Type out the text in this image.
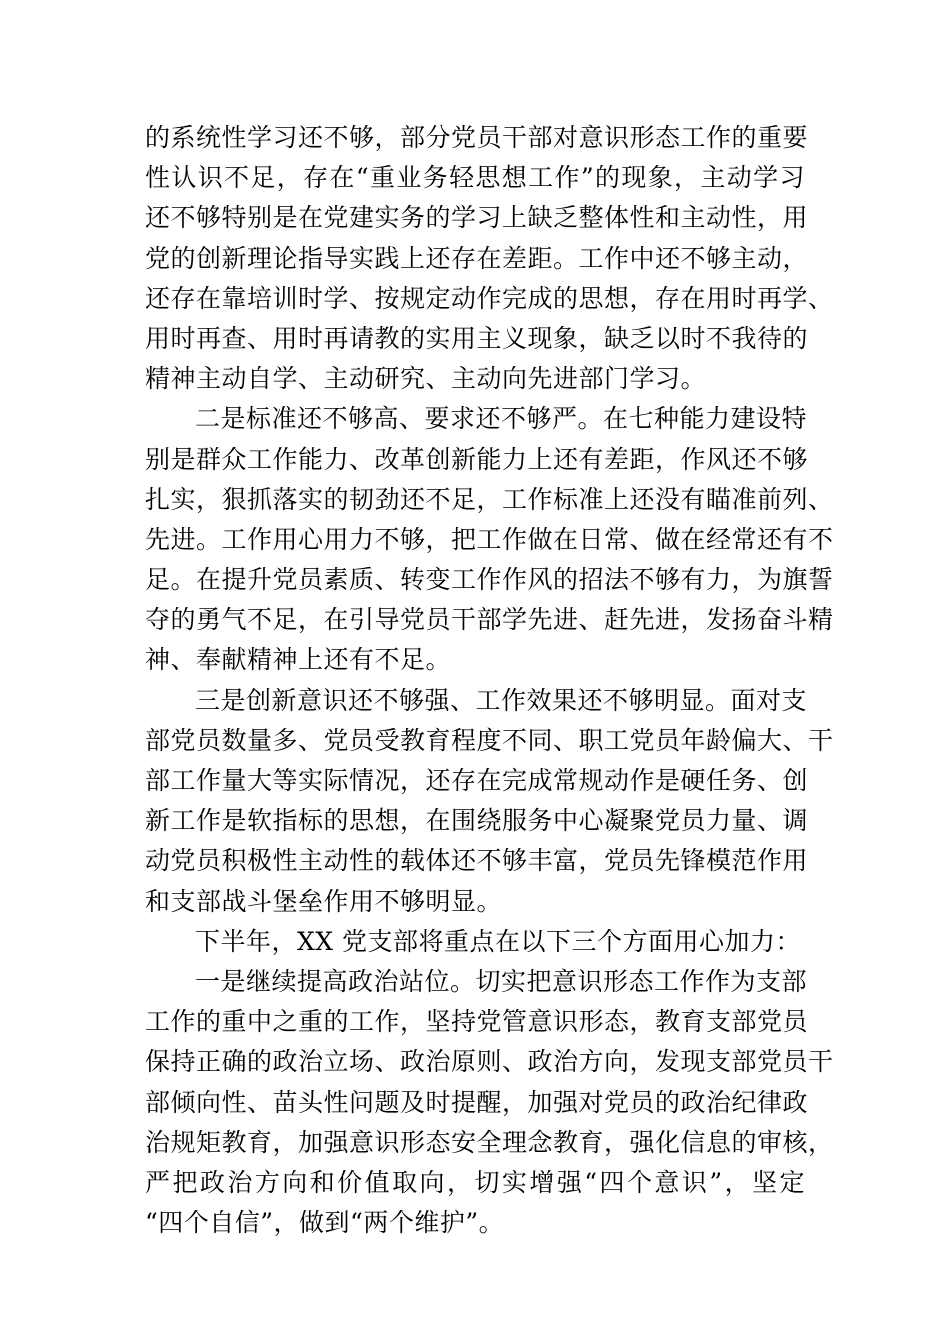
的系统性学习还不够，部分党员干部对意识形态工作的重要
性认识不足，存在“重业务轻思想工作”的现象，主动学习
还不够特别是在党建实务的学习上缺乏整体性和主动性，用
党的创新理论指导实践上还存在差距。工作中还不够主动，
还存在靠培训时学、按规定动作完成的思想，存在用时再学、
用时再查、用时再请教的实用主义现象，缺乏以时不我待的
精神主动自学、主动研究、主动向先进部门学习。
二是标准还不够高、要求还不够严。在七种能力建设特
别是群众工作能力、改革创新能力上还有差距，作风还不够
扎实，狠抓落实的韧劲还不足，工作标准上还没有瞄准前列、
先进。工作用心用力不够，把工作做在日常、做在经常还有不
足。在提升党员素质、转变工作作风的招法不够有力，为旗誓
夺的勇气不足，在引导党员干部学先进、赶先进，发扬奋斗精
神、奉献精神上还有不足。
三是创新意识还不够强、工作效果还不够明显。面对支
部党员数量多、党员受教育程度不同、职工党员年龄偏大、干
部工作量大等实际情况，还存在完成常规动作是硬任务、创
新工作是软指标的思想，在围绕服务中心凝聚党员力量、调
动党员积极性主动性的载体还不够丰富，党员先锋模范作用
和支部战斗堡垒作用不够明显。
下半年，XX 党支部将重点在以下三个方面用心加力：
一是继续提高政治站位。切实把意识形态工作作为支部
工作的重中之重的工作，坚持党管意识形态，教育支部党员
保持正确的政治立场、政治原则、政治方向，发现支部党员干
部倾向性、苗头性问题及时提醒，加强对党员的政治纪律政
治规矩教育，加强意识形态安全理念教育，强化信息的审核，
严把政治方向和价值取向，切实增强“四个意识”，坚定
“四个自信”，做到“两个维护”。
